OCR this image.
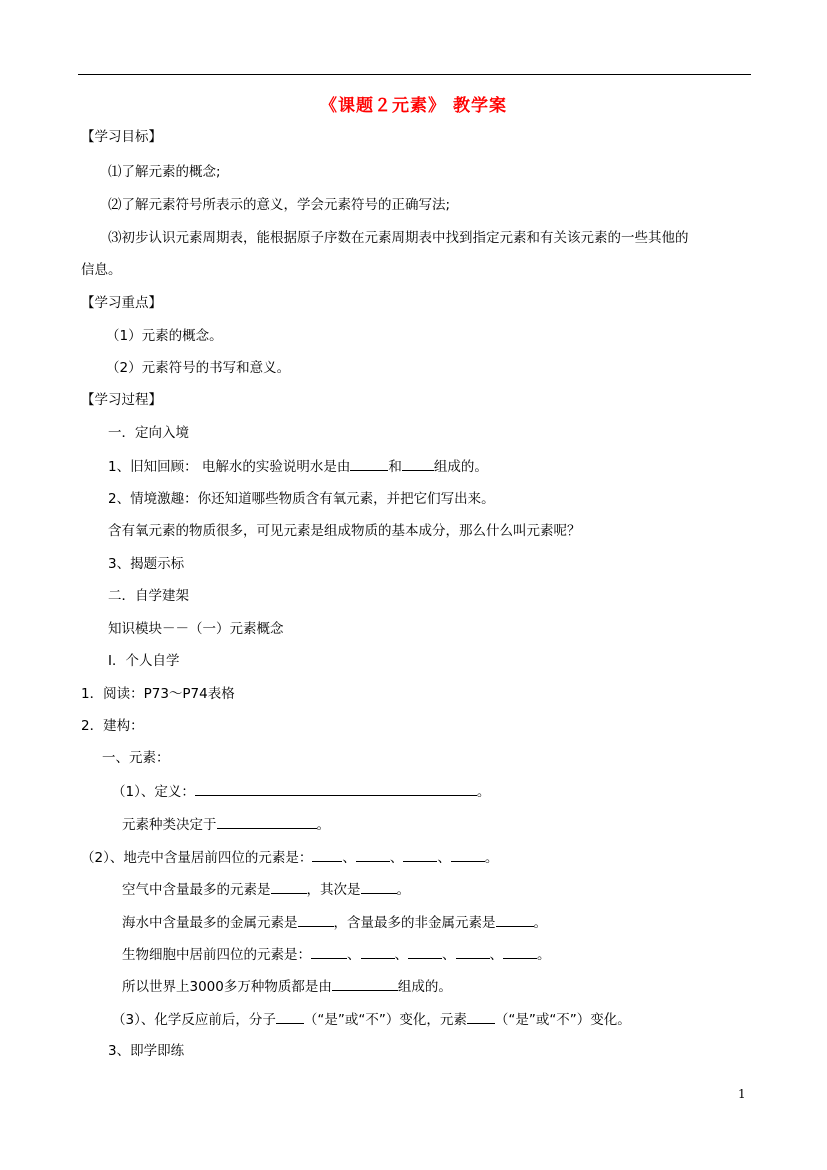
《课题２元素》 教学案
【学习目标】
⑴了解元素的概念;
⑵了解元素符号所表示的意义，学会元素符号的正确写法;
⑶初步认识元素周期表，能根据原子序数在元素周期表中找到指定元素和有关该元素的一些其他的
信息。
【学习重点】
（1）元素的概念。
（2）元素符号的书写和意义。
【学习过程】
一．定向入境
1、旧知回顾： 电解水的实验说明水是由	和 组成的。
2、情境激趣：你还知道哪些物质含有氧元素，并把它们写出来。
含有氧元素的物质很多，可见元素是组成物质的基本成分，那么什么叫元素呢？
3、揭题示标
二．自学建架
知识模块－－（一）元素概念
Ⅰ．个人自学
1．阅读：P73～P74表格
2．建构：
一、元素：
（1）、定义：	。
元素种类决定于	。
（2）、地壳中含量居前四位的元素是： 、	、	、	。
空气中含量最多的元素是	，其次是	。
海水中含量最多的金属元素是	，含量最多的非金属元素是	。
生物细胞中居前四位的元素是：	、	、	、	、	。
所以世界上3000多万种物质都是由	组成的。
（3）、化学反应前后，分子 （“是”或“不”）变化，元素 （“是”或“不”）变化。
3、即学即练
1
